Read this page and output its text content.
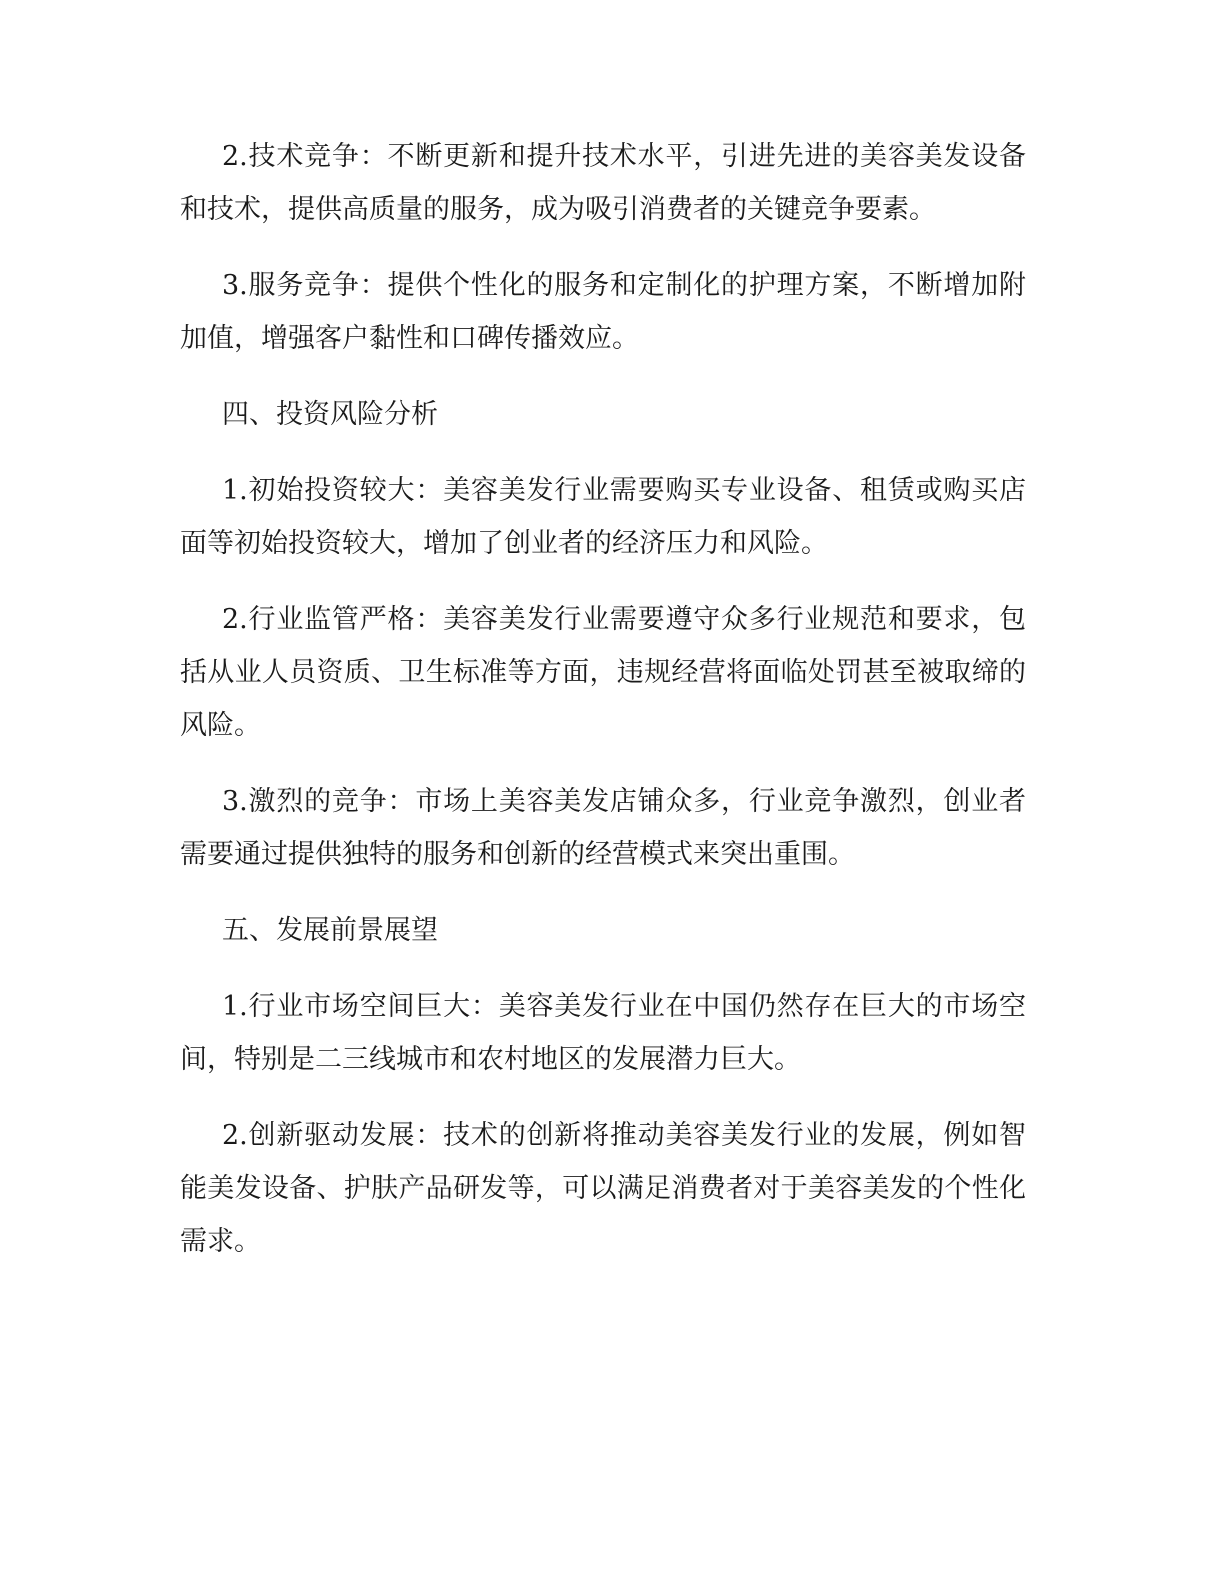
2.技术竞争：不断更新和提升技术水平，引进先进的美容美发设备和技术，提供高质量的服务，成为吸引消费者的关键竞争要素。

3.服务竞争：提供个性化的服务和定制化的护理方案，不断增加附加值，增强客户黏性和口碑传播效应。

四、投资风险分析

1.初始投资较大：美容美发行业需要购买专业设备、租赁或购买店面等初始投资较大，增加了创业者的经济压力和风险。

2.行业监管严格：美容美发行业需要遵守众多行业规范和要求，包括从业人员资质、卫生标准等方面，违规经营将面临处罚甚至被取缔的风险。

3.激烈的竞争：市场上美容美发店铺众多，行业竞争激烈，创业者需要通过提供独特的服务和创新的经营模式来突出重围。

五、发展前景展望

1.行业市场空间巨大：美容美发行业在中国仍然存在巨大的市场空间，特别是二三线城市和农村地区的发展潜力巨大。

2.创新驱动发展：技术的创新将推动美容美发行业的发展，例如智能美发设备、护肤产品研发等，可以满足消费者对于美容美发的个性化需求。
